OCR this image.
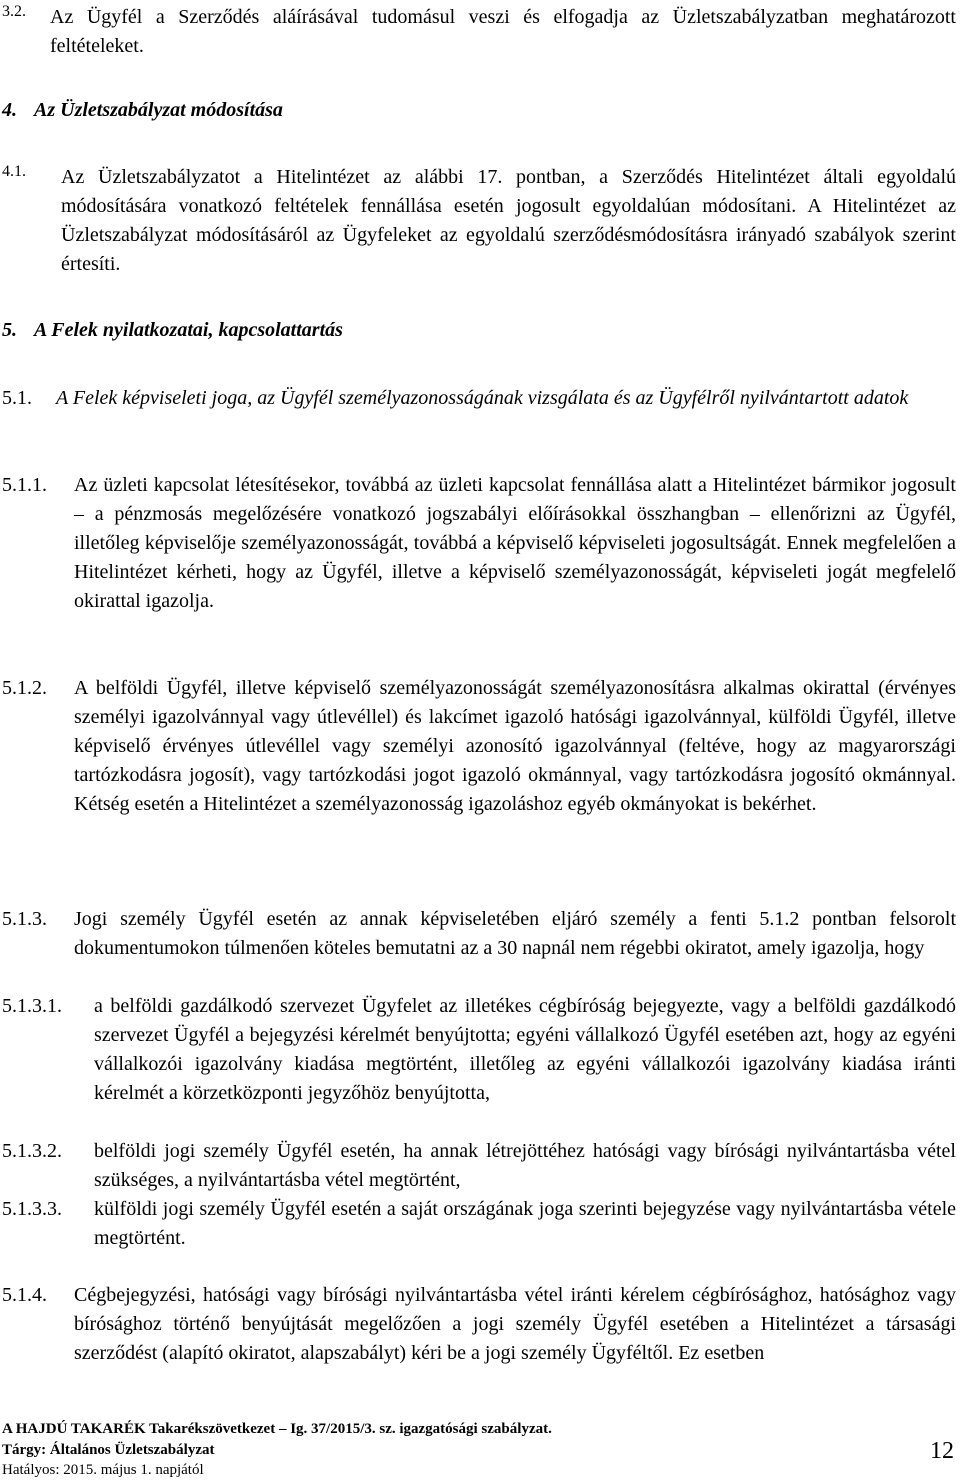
3.2.	Az Ügyfél a Szerződés aláírásával tudomásul veszi és elfogadja az Üzletszabályzatban meghatározott feltételeket.
4. Az Üzletszabályzat módosítása
4.1.	Az Üzletszabályzatot a Hitelintézet az alábbi 17. pontban, a Szerződés Hitelintézet általi egyoldalú módosítására vonatkozó feltételek fennállása esetén jogosult egyoldalúan módosítani. A Hitelintézet az Üzletszabályzat módosításáról az Ügyfeleket az egyoldalú szerződésmódosításra irányadó szabályok szerint értesíti.
5. A Felek nyilatkozatai, kapcsolattartás
5.1.	A Felek képviseleti joga, az Ügyfél személyazonosságának vizsgálata és az Ügyfélről nyilvántartott adatok
5.1.1.	Az üzleti kapcsolat létesítésekor, továbbá az üzleti kapcsolat fennállása alatt a Hitelintézet bármikor jogosult – a pénzmosás megelőzésére vonatkozó jogszabályi előírásokkal összhangban – ellenőrizni az Ügyfél, illetőleg képviselője személyazonosságát, továbbá a képviselő képviseleti jogosultságát. Ennek megfelelően a Hitelintézet kérheti, hogy az Ügyfél, illetve a képviselő személyazonosságát, képviseleti jogát megfelelő okirattal igazolja.
5.1.2.	A belföldi Ügyfél, illetve képviselő személyazonosságát személyazonosításra alkalmas okirattal (érvényes személyi igazolvánnyal vagy útlevéllel) és lakcímet igazoló hatósági igazolvánnyal, külföldi Ügyfél, illetve képviselő érvényes útlevéllel vagy személyi azonosító igazolvánnyal (feltéve, hogy az magyarországi tartózkodásra jogosít), vagy tartózkodási jogot igazoló okmánnyal, vagy tartózkodásra jogosító okmánnyal. Kétség esetén a Hitelintézet a személyazonosság igazoláshoz egyéb okmányokat is bekérhet.
5.1.3.	Jogi személy Ügyfél esetén az annak képviseletében eljáró személy a fenti 5.1.2 pontban felsorolt dokumentumokon túlmenően köteles bemutatni az a 30 napnál nem régebbi okiratot, amely igazolja, hogy
5.1.3.1.	a belföldi gazdálkodó szervezet Ügyfelet az illetékes cégbíróság bejegyezte, vagy a belföldi gazdálkodó szervezet Ügyfél a bejegyzési kérelmét benyújtotta; egyéni vállalkozó Ügyfél esetében azt, hogy az egyéni vállalkozói igazolvány kiadása megtörtént, illetőleg az egyéni vállalkozói igazolvány kiadása iránti kérelmét a körzetközponti jegyzőhöz benyújtotta,
5.1.3.2.	belföldi jogi személy Ügyfél esetén, ha annak létrejöttéhez hatósági vagy bírósági nyilvántartásba vétel szükséges, a nyilvántartásba vétel megtörtént,
5.1.3.3.	külföldi jogi személy Ügyfél esetén a saját országának joga szerinti bejegyzése vagy nyilvántartásba vétele megtörtént.
5.1.4.	Cégbejegyzési, hatósági vagy bírósági nyilvántartásba vétel iránti kérelem cégbírósághoz, hatósághoz vagy bírósághoz történő benyújtását megelőzően a jogi személy Ügyfél esetében a Hitelintézet a társasági szerződést (alapító okiratot, alapszabályt) kéri be a jogi személy Ügyféltől. Ez esetben
A HAJDÚ TAKARÉK Takarékszövetkezet – Ig. 37/2015/3. sz. igazgatósági szabályzat.
Tárgy: Általános Üzletszabályzat
Hatályos: 2015. május 1. napjától
12
